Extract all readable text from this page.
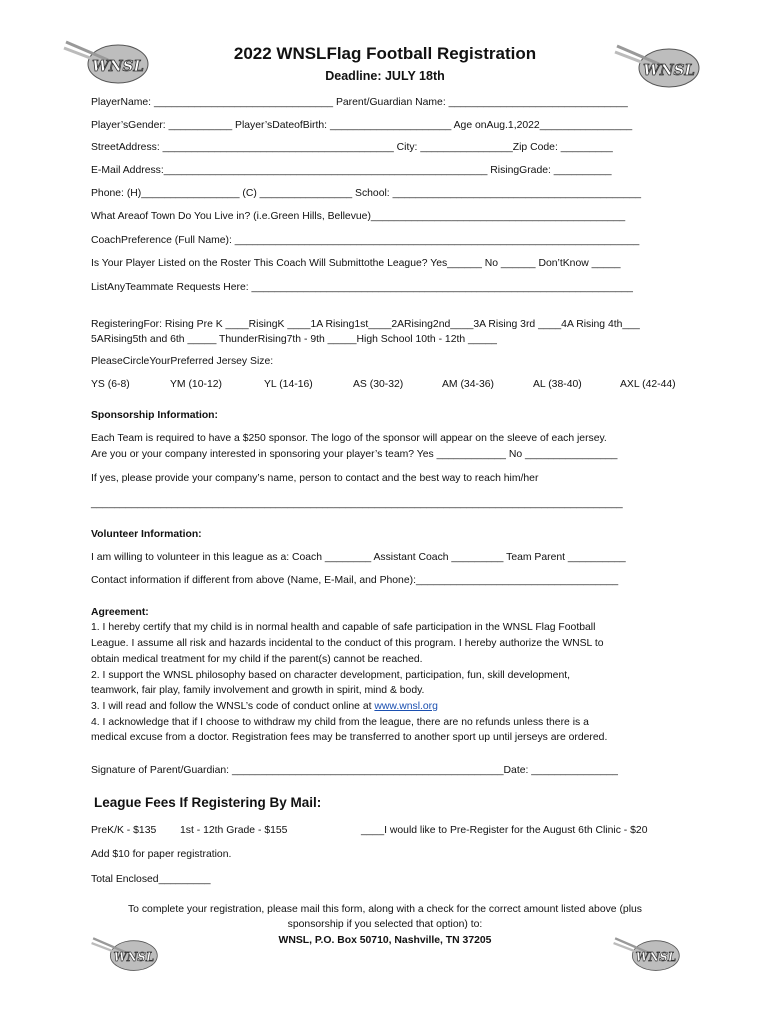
WNSL	WNSL
WNSL	WNSL
2022 WNSLFlag Football Registration
Deadline: JULY 18th
PlayerName: _______________________________ Parent/Guardian Name: _______________________________
Player’sGender: ___________ Player’sDateofBirth: _____________________ Age onAug.1,2022________________
StreetAddress: ________________________________________ City: ________________Zip Code: _________
E-Mail Address:________________________________________________________ RisingGrade: __________
Phone: (H)_________________ (C) ________________ School: ___________________________________________
What Areaof Town Do You Live in? (i.e.Green Hills, Bellevue)____________________________________________
CoachPreference (Full Name): ______________________________________________________________________
Is Your Player Listed on the Roster This Coach Will Submittothe League? Yes______ No ______ Don’tKnow _____
ListAnyTeammate Requests Here: __________________________________________________________________
RegisteringFor: Rising Pre K ____RisingK ____1A Rising1st____2ARising2nd____3A Rising 3rd ____4A Rising 4th___
5ARising5th and 6th _____ ThunderRising7th - 9th _____High School 10th - 12th _____
PleaseCircleYourPreferred Jersey Size:
YS (6-8)	YM (10-12)	YL (14-16)	AS (30-32)	AM (34-36)	AL (38-40)	AXL (42-44)
Sponsorship Information:
Each Team is required to have a $250 sponsor. The logo of the sponsor will appear on the sleeve of each jersey.
Are you or your company interested in sponsoring your player’s team? Yes ____________ No ________________
If yes, please provide your company’s name, person to contact and the best way to reach him/her
____________________________________________________________________________________________
Volunteer Information:
I am willing to volunteer in this league as a: Coach ________ Assistant Coach _________ Team Parent __________
Contact information if different from above (Name, E-Mail, and Phone):___________________________________
Agreement:
1. I hereby certify that my child is in normal health and capable of safe participation in the WNSL Flag Football
League. I assume all risk and hazards incidental to the conduct of this program. I hereby authorize the WNSL to
obtain medical treatment for my child if the parent(s) cannot be reached.
2. I support the WNSL philosophy based on character development, participation, fun, skill development,
teamwork, fair play, family involvement and growth in spirit, mind & body.
3. I will read and follow the WNSL’s code of conduct online at www.wnsl.org
4. I acknowledge that if I choose to withdraw my child from the league, there are no refunds unless there is a
medical excuse from a doctor. Registration fees may be transferred to another sport up until jerseys are ordered.
Signature of Parent/Guardian: _______________________________________________Date: _______________
League Fees If Registering By Mail:
PreK/K - $135 1st - 12th Grade - $155	____I would like to Pre-Register for the August 6th Clinic - $20
Add $10 for paper registration.
Total Enclosed_________
To complete your registration, please mail this form, along with a check for the correct amount listed above (plus
sponsorship if you selected that option) to:
WNSL, P.O. Box 50710, Nashville, TN 37205
